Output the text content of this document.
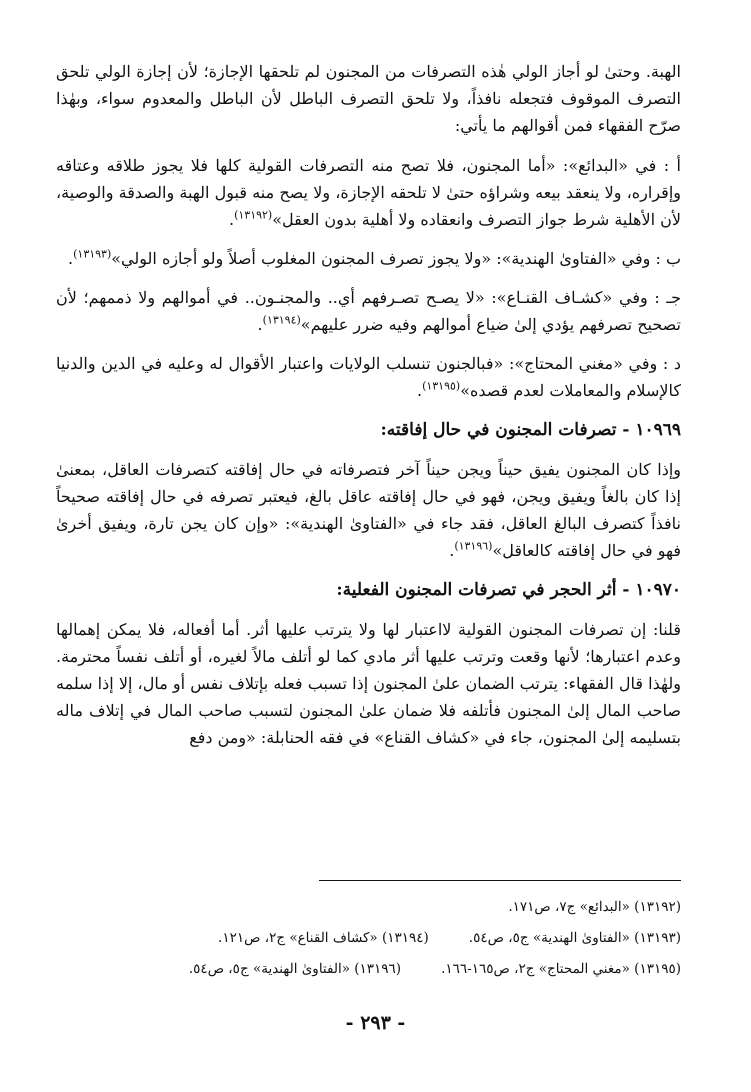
الهبة. وحتىٰ لو أجاز الولي هٰذه التصرفات من المجنون لم تلحقها الإجازة؛ لأن إجازة الولي تلحق التصرف الموقوف فتجعله نافذاً، ولا تلحق التصرف الباطل لأن الباطل والمعدوم سواء، وبهٰذا صرّح الفقهاء فمن أقوالهم ما يأتي:

أ : في «البدائع»: «أما المجنون، فلا تصح منه التصرفات القولية كلها فلا يجوز طلاقه وعتاقه وإقراره، ولا ينعقد بيعه وشراؤه حتىٰ لا تلحقه الإجازة، ولا يصح منه قبول الهبة والصدقة والوصية، لأن الأهلية شرط جواز التصرف وانعقاده ولا أهلية بدون العقل»$^{(١٣١٩٢)}$.

ب : وفي «الفتاوىٰ الهندية»: «ولا يجوز تصرف المجنون المغلوب أصلاً ولو أجازه الولي»$^{(١٣١٩٣)}$.

جـ : وفي «كشـاف القنـاع»: «لا يصـح تصـرفهم أي.. والمجنـون.. في أموالهم ولا ذممهم؛ لأن تصحيح تصرفهم يؤدي إلىٰ ضياع أموالهم وفيه ضرر عليهم»$^{(١٣١٩٤)}$.

د : وفي «مغني المحتاج»: «فبالجنون تنسلب الولايات واعتبار الأقوال له وعليه في الدين والدنيا كالإسلام والمعاملات لعدم قصده»$^{(١٣١٩٥)}$.

١٠٩٦٩ - تصرفات المجنون في حال إفاقته:

وإذا كان المجنون يفيق حيناً ويجن حيناً آخر فتصرفاته في حال إفاقته كتصرفات العاقل، بمعنىٰ إذا كان بالغاً ويفيق ويجن، فهو في حال إفاقته عاقل بالغ، فيعتبر تصرفه في حال إفاقته صحيحاً نافذاً كتصرف البالغ العاقل، فقد جاء في «الفتاوىٰ الهندية»: «وإن كان يجن تارة، ويفيق أخرىٰ فهو في حال إفاقته كالعاقل»$^{(١٣١٩٦)}$.

١٠٩٧٠ - أثر الحجر في تصرفات المجنون الفعلية:

قلنا: إن تصرفات المجنون القولية لااعتبار لها ولا يترتب عليها أثر. أما أفعاله، فلا يمكن إهمالها وعدم اعتبارها؛ لأنها وقعت وترتب عليها أثر مادي كما لو أتلف مالاً لغيره، أو أتلف نفساً محترمة. ولهٰذا قال الفقهاء: يترتب الضمان علىٰ المجنون إذا تسبب فعله بإتلاف نفس أو مال، إلا إذا سلمه صاحب المال إلىٰ المجنون فأتلفه فلا ضمان علىٰ المجنون لتسبب صاحب المال في إتلاف ماله بتسليمه إلىٰ المجنون، جاء في «كشاف القناع» في فقه الحنابلة: «ومن دفع

(١٣١٩٢) «البدائع» ج٧، ص١٧١.
(١٣١٩٣) «الفتاوىٰ الهندية» ج٥، ص٥٤.
(١٣١٩٤) «كشاف القناع» ج٢، ص١٢١.
(١٣١٩٥) «مغني المحتاج» ج٢، ص١٦٥-١٦٦.
(١٣١٩٦) «الفتاوىٰ الهندية» ج٥، ص٥٤.
- ٢٩٣ -
